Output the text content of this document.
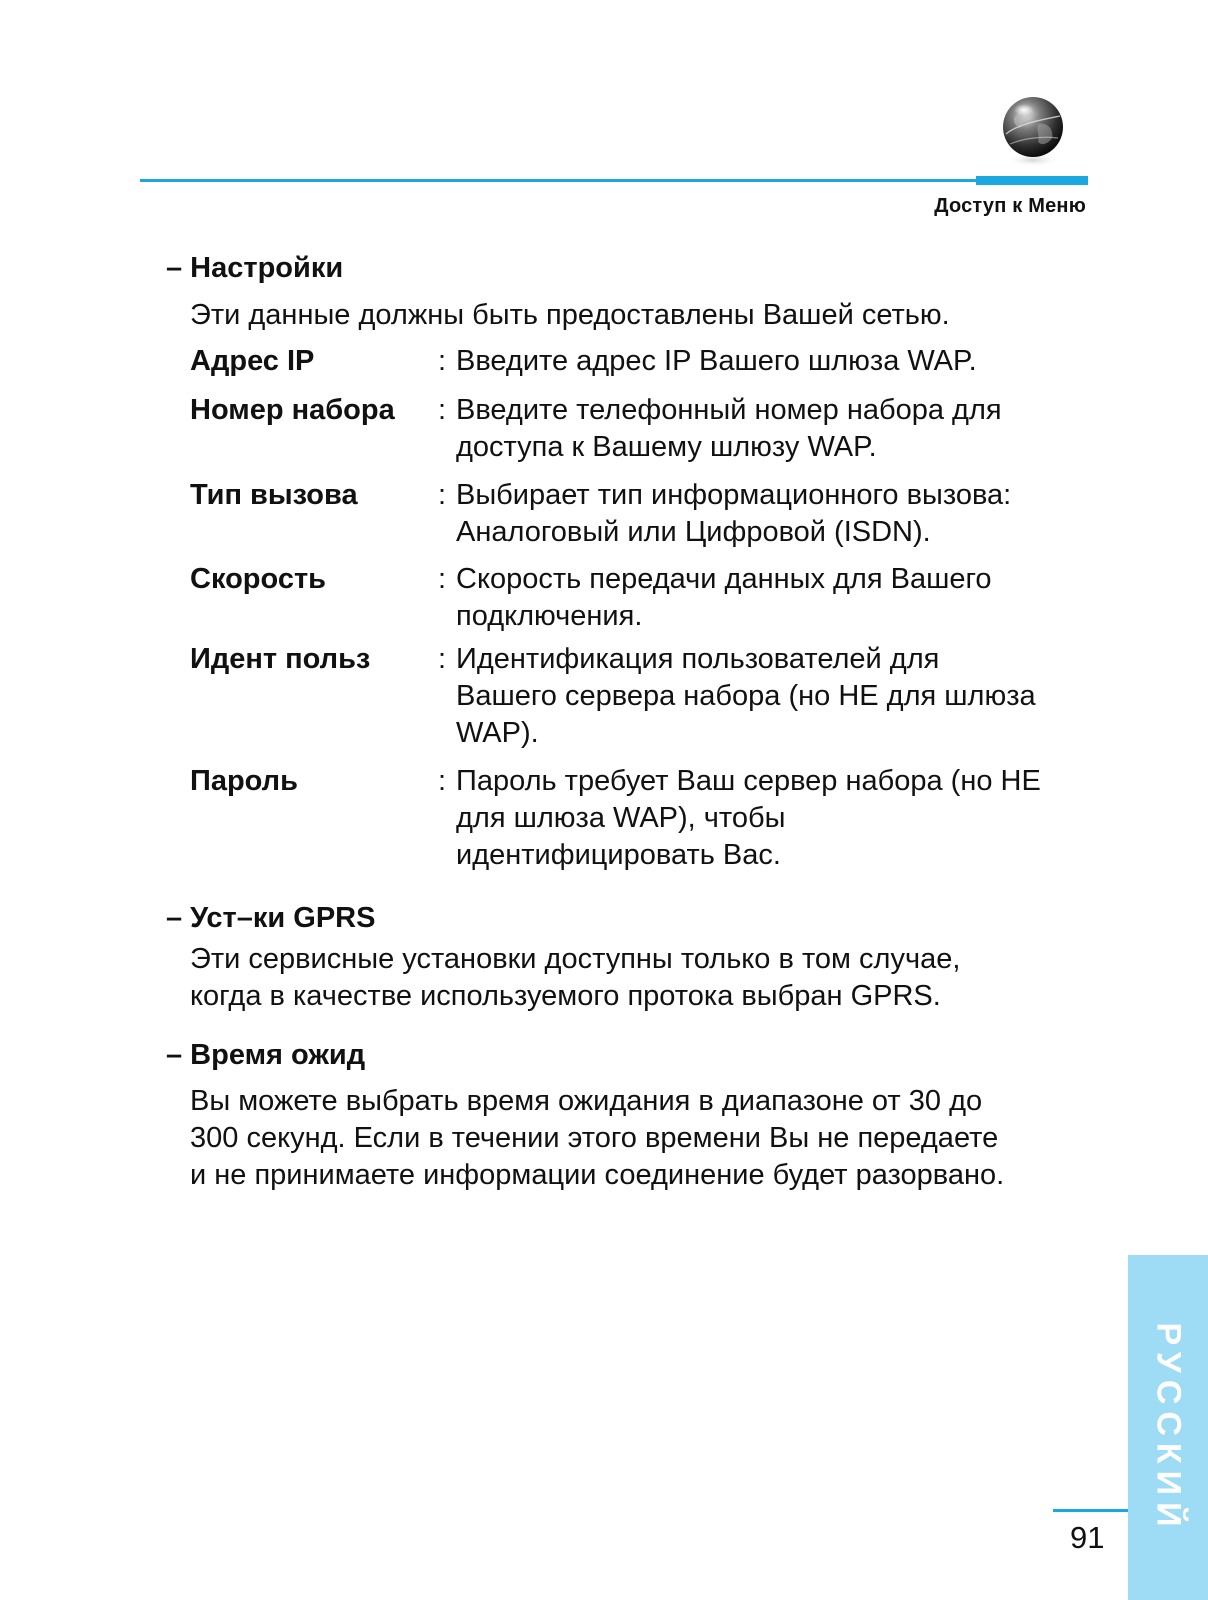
Доступ к Меню
– Настройки
Эти данные должны быть предоставлены Вашей сетью.
Адрес IP	: Введите адрес IP Вашего шлюза WAP.
Номер набора : Введите телефонный номер набора для
доступа к Вашему шлюзу WAP.
Тип вызова	: Выбирает тип информационного вызова:
Аналоговый или Цифровой (ISDN).
Скорость	: Скорость передачи данных для Вашего
подключения.
Идент польз : Идентификация пользователей для
Вашего сервера набора (но НЕ для шлюза
WAP).
Пароль	: Пароль требует Ваш сервер набора (но НЕ
для шлюза WAP), чтобы
идентифицировать Вас.
– Уст–ки GPRS
Эти сервисные установки доступны только в том случае,
когда в качестве используемого протока выбран GPRS.
– Время ожид
Вы можете выбрать время ожидания в диапазоне от 30 до
300 секунд. Если в течении этого времени Вы не передаете
и не принимаете информации соединение будет разорвано.
РУССКИЙ
91
